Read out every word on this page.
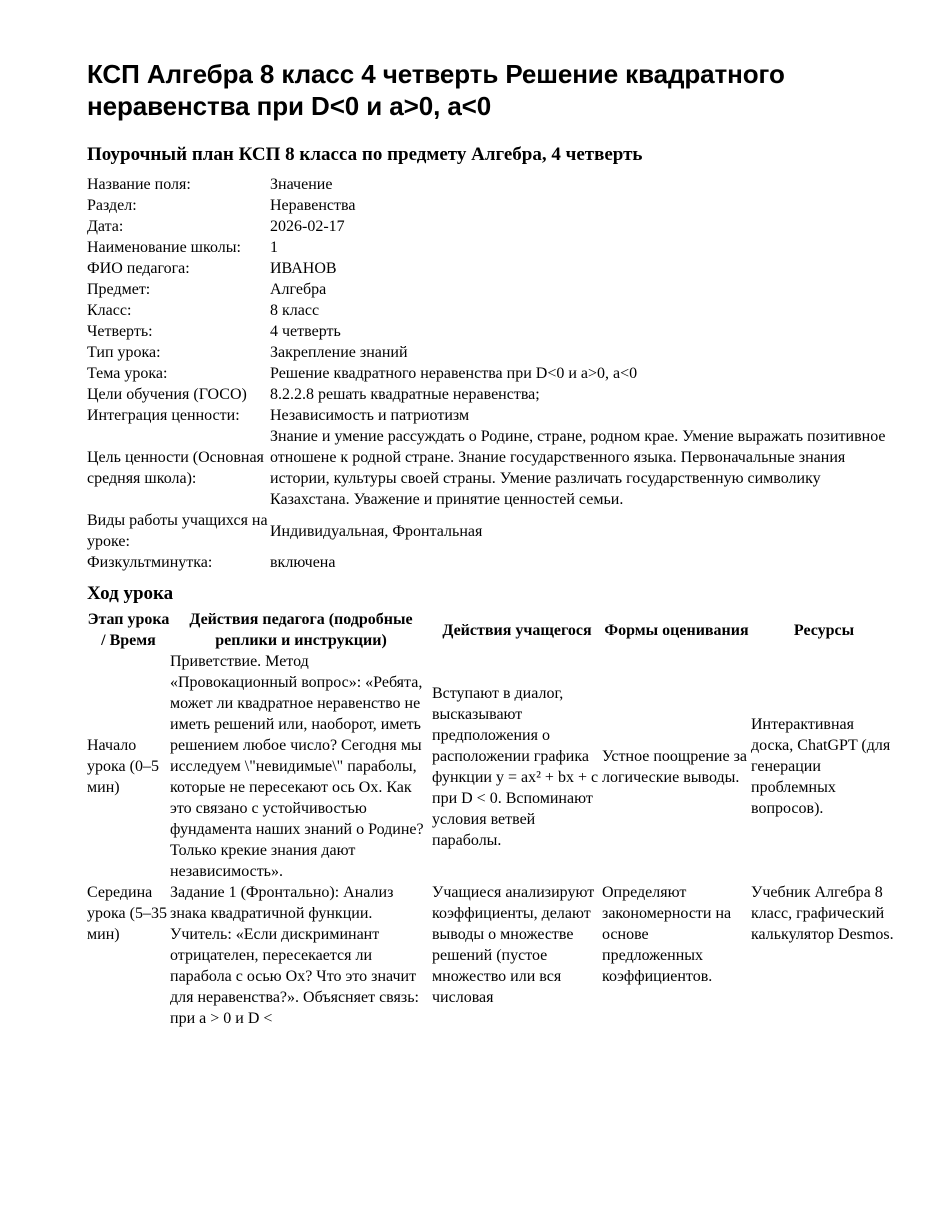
КСП Алгебра 8 класс 4 четверть Решение квадратного неравенства при D<0 и a>0, a<0
Поурочный план КСП 8 класса по предмету Алгебра, 4 четверть
Название поля:	Значение
Раздел:	Неравенства
Дата:	2026-02-17
Наименование школы:	1
ФИО педагога:	ИВАНОВ
Предмет:	Алгебра
Класс:	8 класс
Четверть:	4 четверть
Тип урока:	Закрепление знаний
Тема урока:	Решение квадратного неравенства при D<0 и a>0, a<0
Цели обучения (ГОСО)	8.2.2.8 решать квадратные неравенства;
Интеграция ценности:	Независимость и патриотизм
Цель ценности (Основная средняя школа):	Знание и умение рассуждать о Родине, стране, родном крае. Умение выражать позитивное отношене к родной стране. Знание государственного языка. Первоначальные знания истории, культуры своей страны. Умение различать государственную символику Казахстана. Уважение и принятие ценностей семьи.
Виды работы учащихся на уроке:	Индивидуальная, Фронтальная
Физкультминутка:	включена
Ход урока
Этап урока / Время	Действия педагога (подробные реплики и инструкции)	Действия учащегося	Формы оценивания	Ресурсы
Начало урока (0–5 мин)	Приветствие. Метод «Провокационный вопрос»: «Ребята, может ли квадратное неравенство не иметь решений или, наоборот, иметь решением любое число? Сегодня мы исследуем \"невидимые\" параболы, которые не пересекают ось Ox. Как это связано с устойчивостью фундамента наших знаний о Родине? Только крекие знания дают независимость».	Вступают в диалог, высказывают предположения о расположении графика функции y = ax² + bx + c при D < 0. Вспоминают условия ветвей параболы.	Устное поощрение за логические выводы.	Интерактивная доска, ChatGPT (для генерации проблемных вопросов).
Середина урока (5–35 мин)	Задание 1 (Фронтально): Анализ знака квадратичной функции. Учитель: «Если дискриминант отрицателен, пересекается ли парабола с осью Ox? Что это значит для неравенства?». Объясняет связь: при a > 0 и D <	Учащиеся анализируют коэффициенты, делают выводы о множестве решений (пустое множество или вся числовая	Определяют закономерности на основе предложенных коэффициентов.	Учебник Алгебра 8 класс, графический калькулятор Desmos.
